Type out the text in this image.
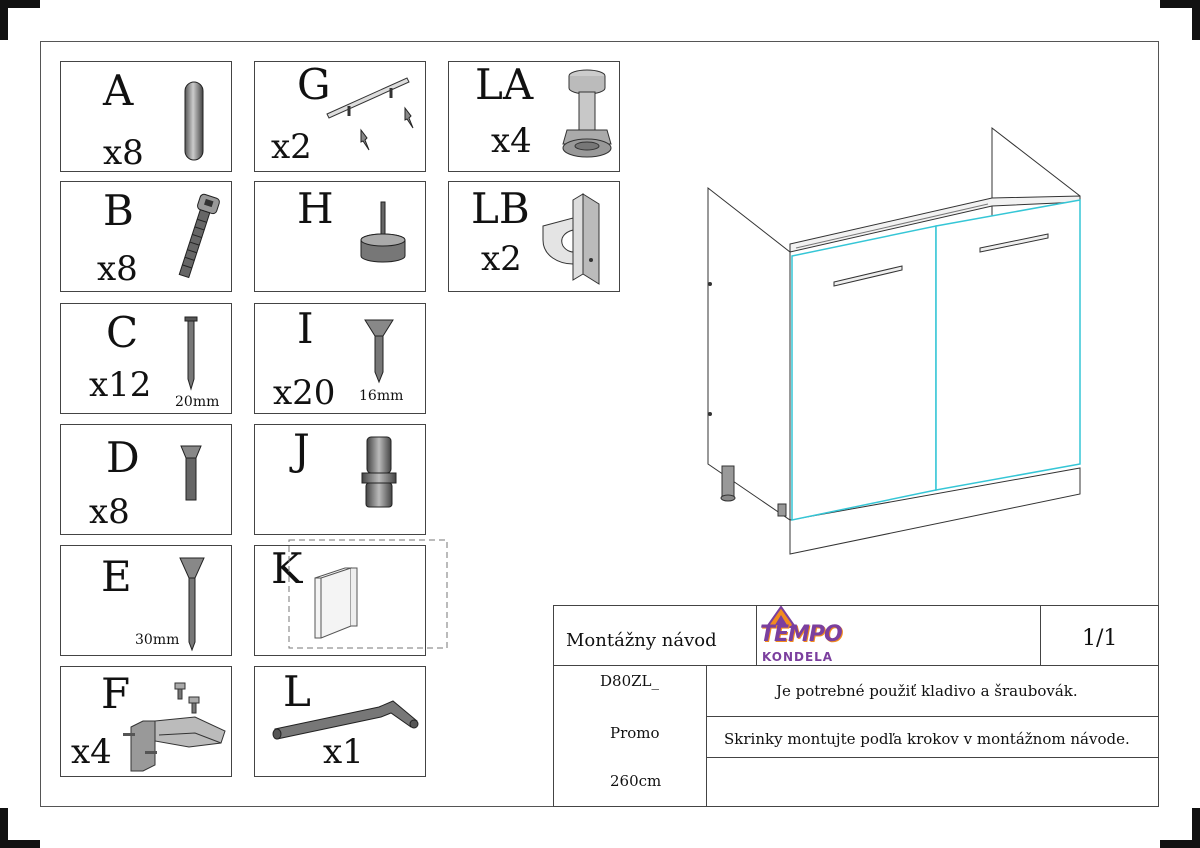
A
x8
B
x8
C
x12 20mm
D
x8
E
30mm
F
x4
G
x2
H
I
x20 16mm
J
K
L
x1
LA
x4
LB
x2
Montážny návod TEMPO
KONDELA
1/1
D80ZL_
Promo
260cm
Je potrebné použiť kladivo a šraubovák.
Skrinky montujte podľa krokov v montážnom návode.
